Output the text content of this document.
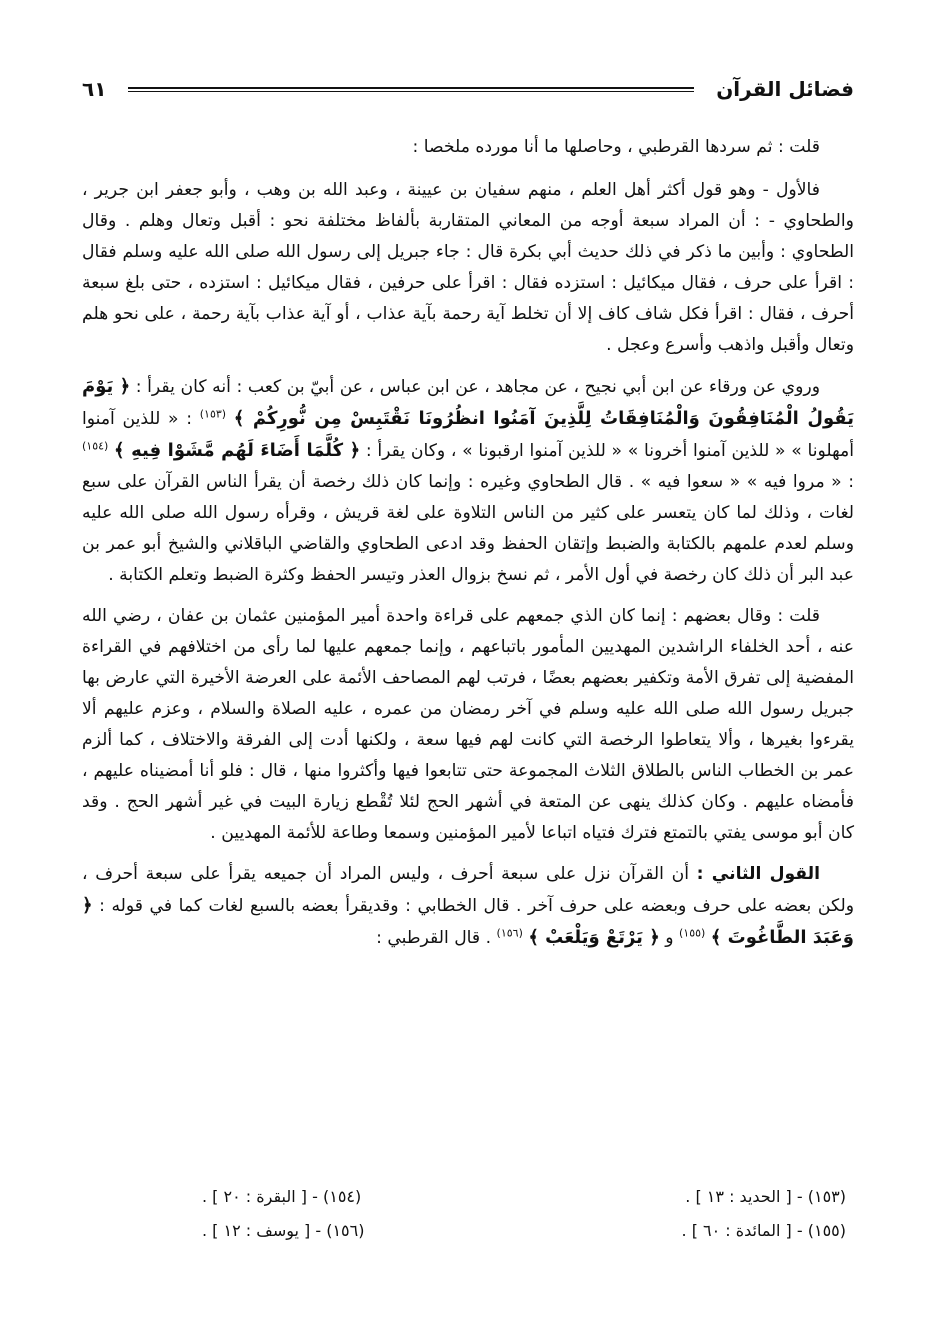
فضائل القرآن
٦١

قلت : ثم سردها القرطبي ، وحاصلها ما أنا مورده ملخصا :

فالأول - وهو قول أكثر أهل العلم ، منهم سفيان بن عيينة ، وعبد الله بن وهب ، وأبو جعفر ابن جرير ، والطحاوي - : أن المراد سبعة أوجه من المعاني المتقاربة بألفاظ مختلفة نحو : أقبل وتعال وهلم . وقال الطحاوي : وأبين ما ذكر في ذلك حديث أبي بكرة قال : جاء جبريل إلى رسول الله صلى الله عليه وسلم فقال : اقرأ على حرف ، فقال ميكائيل : استزده فقال : اقرأ على حرفين ، فقال ميكائيل : استزده ، حتى بلغ سبعة أحرف ، فقال : اقرأ فكل شاف كاف إلا أن تخلط آية رحمة بآية عذاب ، أو آية عذاب بآية رحمة ، على نحو هلم وتعال وأقبل واذهب وأسرع وعجل .

وروي عن ورقاء عن ابن أبي نجيح ، عن مجاهد ، عن ابن عباس ، عن أبيّ بن كعب : أنه كان يقرأ : ﴿ يَوْمَ يَقُولُ الْمُنَافِقُونَ وَالْمُنَافِقَاتُ لِلَّذِينَ آمَنُوا انظُرُونَا نَقْتَبِسْ مِن نُّورِكُمْ ﴾ $^{(١٥٣)}$ : « للذين آمنوا أمهلونا » « للذين آمنوا أخرونا » « للذين آمنوا ارقبونا » ، وكان يقرأ : ﴿ كُلَّمَا أَضَاءَ لَهُم مَّشَوْا فِيهِ ﴾ $^{(١٥٤)}$ : « مروا فيه » « سعوا فيه » . قال الطحاوي وغيره : وإنما كان ذلك رخصة أن يقرأ الناس القرآن على سبع لغات ، وذلك لما كان يتعسر على كثير من الناس التلاوة على لغة قريش ، وقرأه رسول الله صلى الله عليه وسلم لعدم علمهم بالكتابة والضبط وإتقان الحفظ وقد ادعى الطحاوي والقاضي الباقلاني والشيخ أبو عمر بن عبد البر أن ذلك كان رخصة في أول الأمر ، ثم نسخ بزوال العذر وتيسر الحفظ وكثرة الضبط وتعلم الكتابة .

قلت : وقال بعضهم : إنما كان الذي جمعهم على قراءة واحدة أمير المؤمنين عثمان بن عفان ، رضي الله عنه ، أحد الخلفاء الراشدين المهديين المأمور باتباعهم ، وإنما جمعهم عليها لما رأى من اختلافهم في القراءة المفضية إلى تفرق الأمة وتكفير بعضهم بعضًا ، فرتب لهم المصاحف الأئمة على العرضة الأخيرة التي عارض بها جبريل رسول الله صلى الله عليه وسلم في آخر رمضان من عمره ، عليه الصلاة والسلام ، وعزم عليهم ألا يقرءوا بغيرها ، وألا يتعاطوا الرخصة التي كانت لهم فيها سعة ، ولكنها أدت إلى الفرقة والاختلاف ، كما ألزم عمر بن الخطاب الناس بالطلاق الثلاث المجموعة حتى تتابعوا فيها وأكثروا منها ، قال : فلو أنا أمضيناه عليهم ، فأمضاه عليهم . وكان كذلك ينهى عن المتعة في أشهر الحج لئلا تُقْطع زيارة البيت في غير أشهر الحج . وقد كان أبو موسى يفتي بالتمتع فترك فتياه اتباعا لأمير المؤمنين وسمعا وطاعة للأئمة المهديين .

القول الثاني : أن القرآن نزل على سبعة أحرف ، وليس المراد أن جميعه يقرأ على سبعة أحرف ، ولكن بعضه على حرف وبعضه على حرف آخر . قال الخطابي : وقديقرأ بعضه بالسبع لغات كما في قوله : ﴿ وَعَبَدَ الطَّاغُوتَ ﴾ $^{(١٥٥)}$ و ﴿ يَرْتَعْ وَيَلْعَبْ ﴾ $^{(١٥٦)}$ . قال القرطبي :

(١٥٣) - [ الحديد : ١٣ ] .
(١٥٤) - [ البقرة : ٢٠ ] .
(١٥٥) - [ المائدة : ٦٠ ] .
(١٥٦) - [ يوسف : ١٢ ] .
